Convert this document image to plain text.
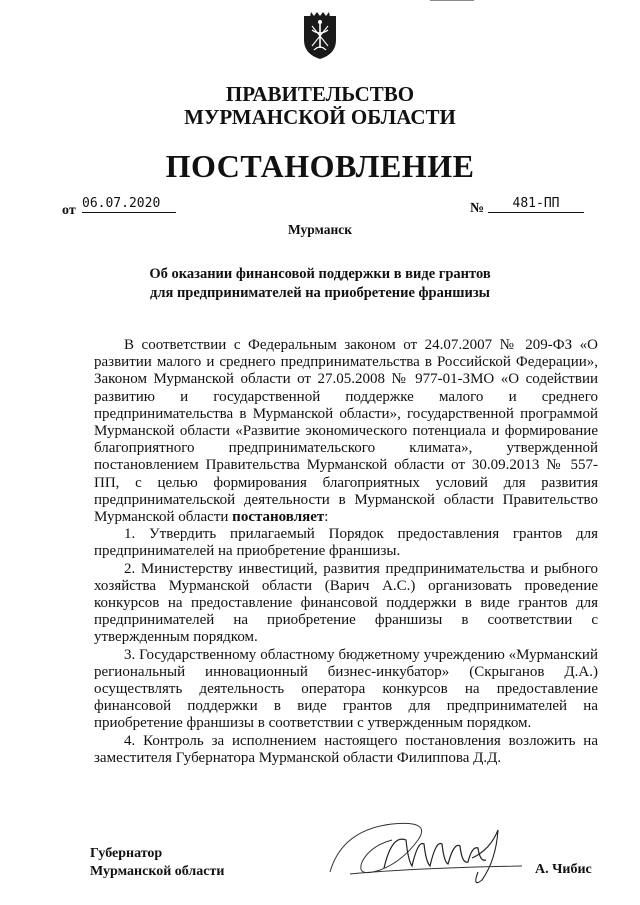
ПРАВИТЕЛЬСТВО
МУРМАНСКОЙ ОБЛАСТИ
ПОСТАНОВЛЕНИЕ
от 06.07.2020	№	481-ПП
Мурманск
Об оказании финансовой поддержки в виде грантов
для предпринимателей на приобретение франшизы

В соответствии с Федеральным законом от 24.07.2007 № 209-ФЗ «О развитии малого и среднего предпринимательства в Российской Федерации», Законом Мурманской области от 27.05.2008 № 977-01-ЗМО «О содействии развитию и государственной поддержке малого и среднего предпринимательства в Мурманской области», государственной программой Мурманской области «Развитие экономического потенциала и формирование благоприятного предпринимательского климата», утвержденной постановлением Правительства Мурманской области от 30.09.2013 № 557-ПП, с целью формирования благоприятных условий для развития предпринимательской деятельности в Мурманской области Правительство Мурманской области постановляет:

1. Утвердить прилагаемый Порядок предоставления грантов для предпринимателей на приобретение франшизы.

2. Министерству инвестиций, развития предпринимательства и рыбного хозяйства Мурманской области (Варич А.С.) организовать проведение конкурсов на предоставление финансовой поддержки в виде грантов для предпринимателей на приобретение франшизы в соответствии с утвержденным порядком.

3. Государственному областному бюджетному учреждению «Мурманский региональный инновационный бизнес-инкубатор» (Скрыганов Д.А.) осуществлять деятельность оператора конкурсов на предоставление финансовой поддержки в виде грантов для предпринимателей на приобретение франшизы в соответствии с утвержденным порядком.

4. Контроль за исполнением настоящего постановления возложить на заместителя Губернатора Мурманской области Филиппова Д.Д.

Губернатор
Мурманской области	А. Чибис
